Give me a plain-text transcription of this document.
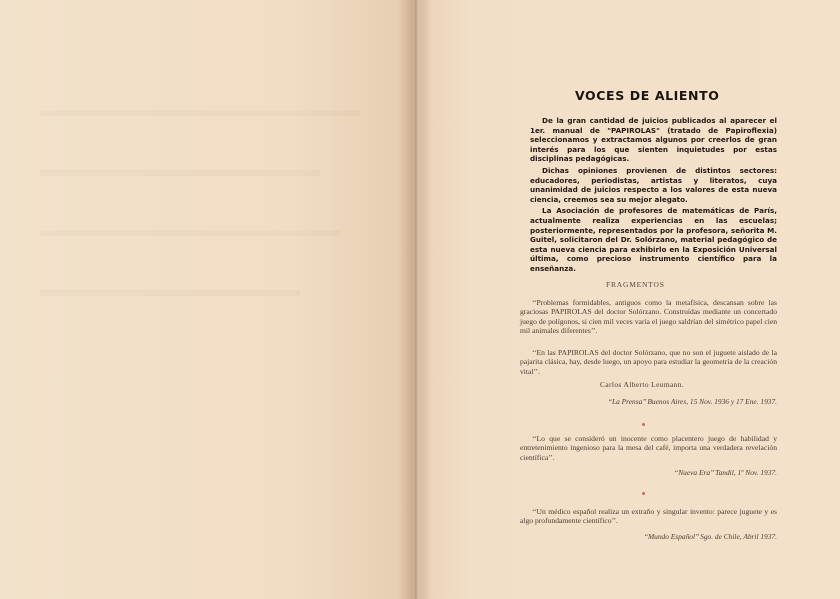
VOCES DE ALIENTO

De la gran cantidad de juicios publicados al aparecer el 1er. manual de "PAPIROLAS" (tratado de Papiroflexia) seleccionamos y extractamos algunos por creerlos de gran interés para los que sienten inquietudes por estas disciplinas pedagógicas.

Dichas opiniones provienen de distintos sectores: educadores, periodistas, artistas y literatos, cuya unanimidad de juicios respecto a los valores de esta nueva ciencia, creemos sea su mejor alegato.

La Asociación de profesores de matemáticas de París, actualmente realiza experiencias en las escuelas; posteriormente, representados por la profesora, señorita M. Guitel, solicitaron del Dr. Solórzano, material pedagógico de esta nueva ciencia para exhibirlo en la Exposición Universal última, como precioso instrumento científico para la enseñanza.

FRAGMENTOS

‘‘Problemas formidables, antiguos como la metafísica, descansan sobre las graciosas PAPIROLAS del doctor Solórzano. Construídas mediante un concertado juego de polígonos, si cien mil veces varía el juego saldrían del simétrico papel cien mil animales diferentes’’.

‘‘En las PAPIROLAS del doctor Solórzano, que no son el juguete aislado de la pajarita clásica, hay, desde luego, un apoyo para estudiar la geometría de la creación vital’’.

Carlos Alberto Leumann.
‘‘La Prensa’’ Buenos Aires, 15 Nov. 1936 y 17 Ene. 1937.

‘‘Lo que se consideró un inocente como placentero juego de habilidad y entretenimiento ingenioso para la mesa del café, importa una verdadera revelación científica’’.

‘‘Nueva Era’’ Tandil, 1º Nov. 1937.

‘‘Un médico español realiza un extraño y singular invento: parece juguete y es algo profundamente científico’’.

‘‘Mundo Español’’ Sgo. de Chile, Abril 1937.
